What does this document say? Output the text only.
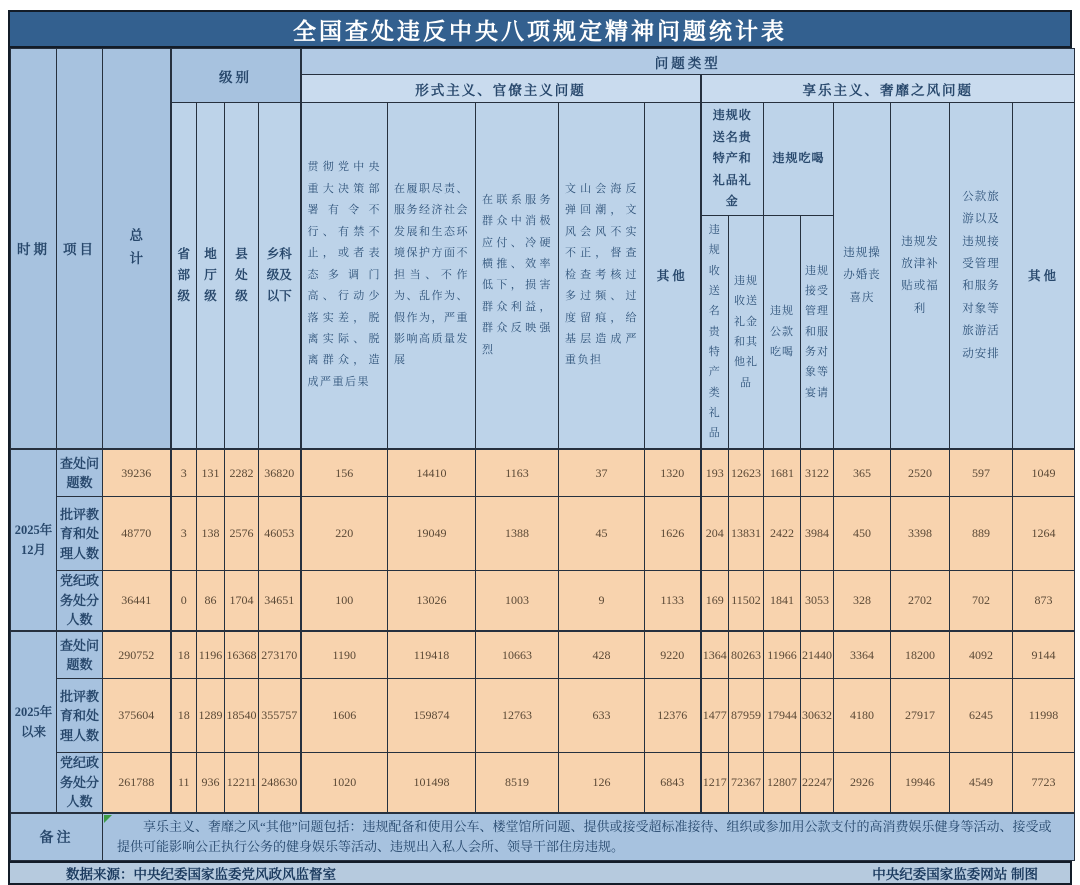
全国查处违反中央八项规定精神问题统计表
时期	项目	总计	级别				问题类型												
							形式主义、官僚主义问题					享乐主义、奢靡之风问题							
			省部级	地厅级	县处级	乡科级及以下	贯彻党中央重大决策部署有令不行、有禁不止，或者表态多调门高、行动少落实差，脱离实际、脱离群众，造成严重后果	在履职尽责、服务经济社会发展和生态环境保护方面不担当、不作为、乱作为、假作为，严重影响高质量发展	在联系服务群众中消极应付、冷硬横推、效率低下，损害群众利益，群众反映强烈	文山会海反弹回潮，文风会风不实不正，督查检查考核过多过频、过度留痕，给基层造成严重负担	其他	违规收送名贵特产和礼品礼金		违规吃喝		违规操办婚丧喜庆	违规发放津补贴或福利	公款旅游以及违规接受管理和服务对象等旅游活动安排	其他
												违规收送名贵特产类礼品	违规收送礼金和其他礼品	违规公款吃喝	违规接受管理和服务对象等宴请				
2025年12月	查处问题数	39236	3	131	2282	36820	156	14410	1163	37	1320	193	12623	1681	3122	365	2520	597	1049
	批评教育和处理人数	48770	3	138	2576	46053	220	19049	1388	45	1626	204	13831	2422	3984	450	3398	889	1264
	党纪政务处分人数	36441	0	86	1704	34651	100	13026	1003	9	1133	169	11502	1841	3053	328	2702	702	873
2025年以来	查处问题数	290752	18	1196	16368	273170	1190	119418	10663	428	9220	1364	80263	11966	21440	3364	18200	4092	9144
	批评教育和处理人数	375604	18	1289	18540	355757	1606	159874	12763	633	12376	1477	87959	17944	30632	4180	27917	6245	11998
	党纪政务处分人数	261788	11	936	12211	248630	1020	101498	8519	126	6843	1217	72367	12807	22247	2926	19946	4549	7723
备注		享乐主义、奢靡之风“其他”问题包括：违规配备和使用公车、楼堂馆所问题、提供或接受超标准接待、组织或参加用公款支付的高消费娱乐健身等活动、接受或提供可能影响公正执行公务的健身娱乐等活动、违规出入私人会所、领导干部住房违规。																	
数据来源：中央纪委国家监委党风政风监督室	中央纪委国家监委网站 制图
